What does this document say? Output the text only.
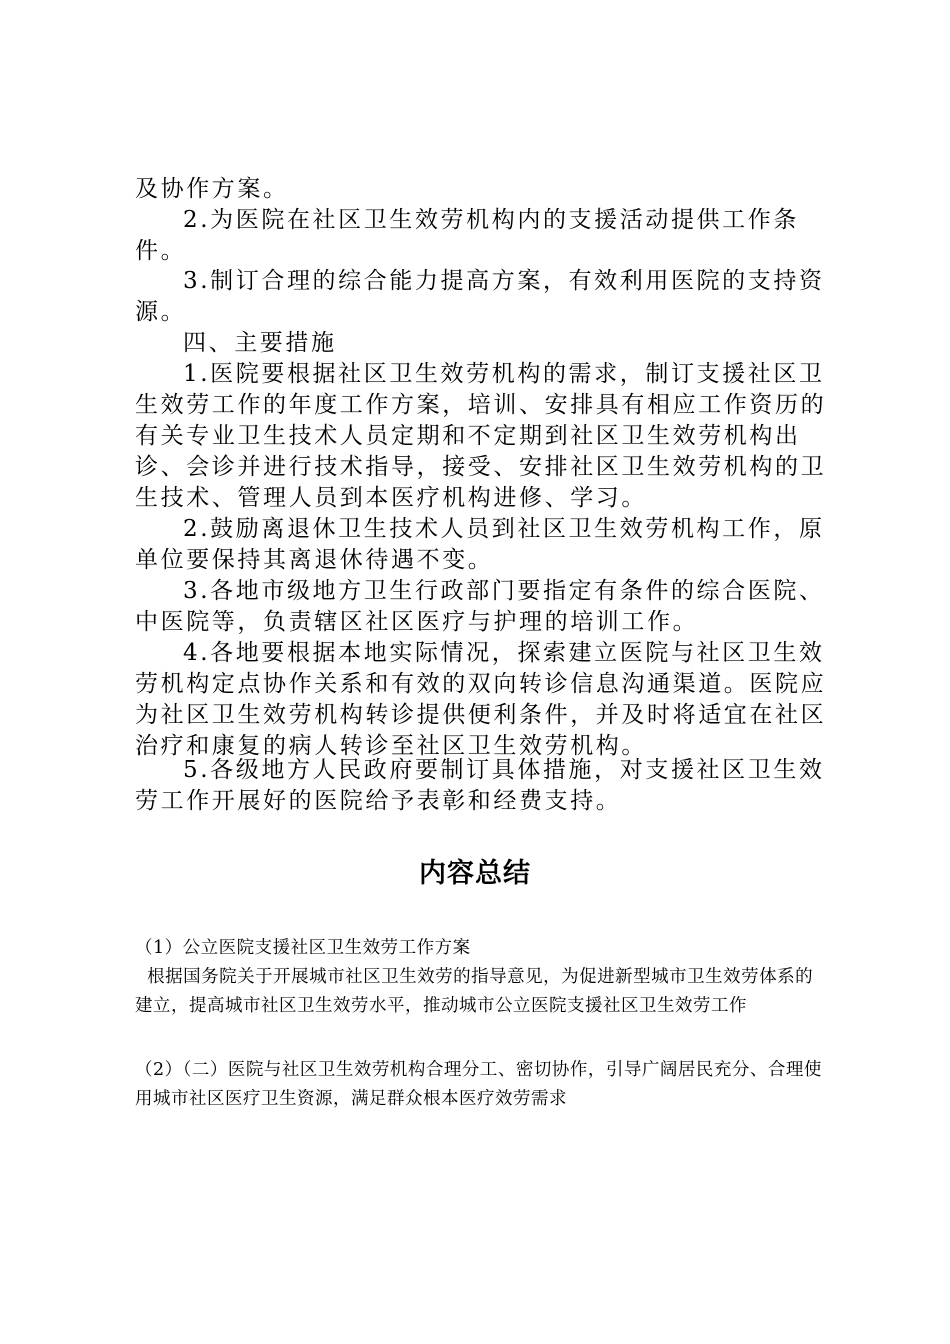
及协作方案。

2.为医院在社区卫生效劳机构内的支援活动提供工作条件。

3.制订合理的综合能力提高方案，有效利用医院的支持资源。

四、主要措施

1.医院要根据社区卫生效劳机构的需求，制订支援社区卫生效劳工作的年度工作方案，培训、安排具有相应工作资历的有关专业卫生技术人员定期和不定期到社区卫生效劳机构出诊、会诊并进行技术指导，接受、安排社区卫生效劳机构的卫生技术、管理人员到本医疗机构进修、学习。

2.鼓励离退休卫生技术人员到社区卫生效劳机构工作，原单位要保持其离退休待遇不变。

3.各地市级地方卫生行政部门要指定有条件的综合医院、中医院等，负责辖区社区医疗与护理的培训工作。

4.各地要根据本地实际情况，探索建立医院与社区卫生效劳机构定点协作关系和有效的双向转诊信息沟通渠道。医院应为社区卫生效劳机构转诊提供便利条件，并及时将适宜在社区治疗和康复的病人转诊至社区卫生效劳机构。

5.各级地方人民政府要制订具体措施，对支援社区卫生效劳工作开展好的医院给予表彰和经费支持。

内容总结

（1）公立医院支援社区卫生效劳工作方案

根据国务院关于开展城市社区卫生效劳的指导意见，为促进新型城市卫生效劳体系的建立，提高城市社区卫生效劳水平，推动城市公立医院支援社区卫生效劳工作

（2）（二）医院与社区卫生效劳机构合理分工、密切协作，引导广阔居民充分、合理使用城市社区医疗卫生资源，满足群众根本医疗效劳需求
